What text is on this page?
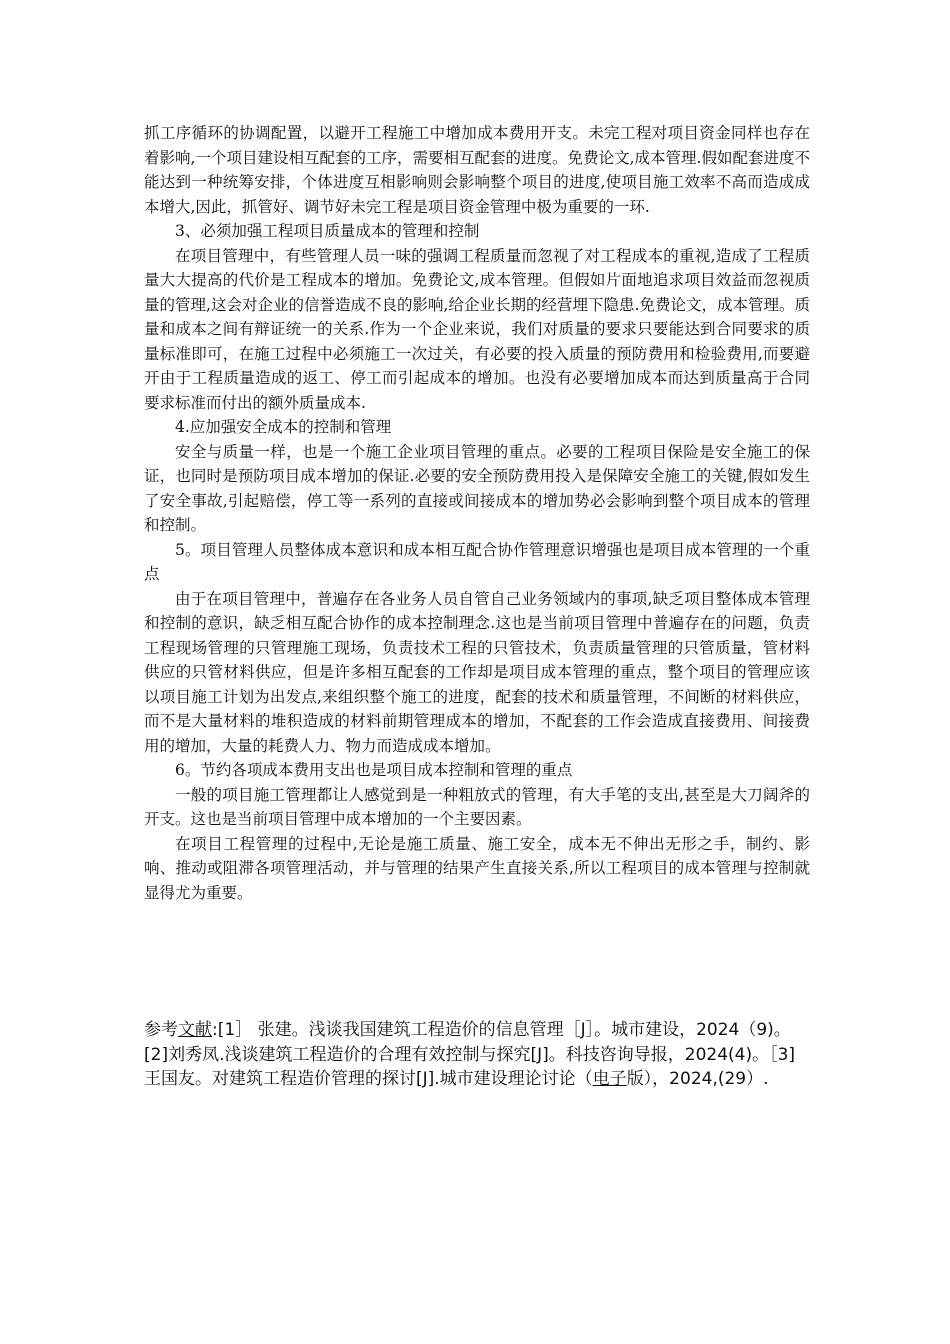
抓工序循环的协调配置，以避开工程施工中增加成本费用开支。未完工程对项目资金同样也存在着影响,一个项目建设相互配套的工序，需要相互配套的进度。免费论文,成本管理.假如配套进度不能达到一种统筹安排，个体进度互相影响则会影响整个项目的进度,使项目施工效率不高而造成成本增大,因此，抓管好、调节好未完工程是项目资金管理中极为重要的一环.

3、必须加强工程项目质量成本的管理和控制

在项目管理中，有些管理人员一味的强调工程质量而忽视了对工程成本的重视,造成了工程质量大大提高的代价是工程成本的增加。免费论文,成本管理。但假如片面地追求项目效益而忽视质量的管理,这会对企业的信誉造成不良的影响,给企业长期的经营埋下隐患.免费论文，成本管理。质量和成本之间有辩证统一的关系.作为一个企业来说，我们对质量的要求只要能达到合同要求的质量标准即可，在施工过程中必须施工一次过关，有必要的投入质量的预防费用和检验费用,而要避开由于工程质量造成的返工、停工而引起成本的增加。也没有必要增加成本而达到质量高于合同要求标准而付出的额外质量成本.

4.应加强安全成本的控制和管理

安全与质量一样，也是一个施工企业项目管理的重点。必要的工程项目保险是安全施工的保证，也同时是预防项目成本增加的保证.必要的安全预防费用投入是保障安全施工的关键,假如发生了安全事故,引起赔偿，停工等一系列的直接或间接成本的增加势必会影响到整个项目成本的管理和控制。

5。项目管理人员整体成本意识和成本相互配合协作管理意识增强也是项目成本管理的一个重点

由于在项目管理中，普遍存在各业务人员自管自己业务领域内的事项,缺乏项目整体成本管理和控制的意识，缺乏相互配合协作的成本控制理念.这也是当前项目管理中普遍存在的问题，负责工程现场管理的只管理施工现场，负责技术工程的只管技术，负责质量管理的只管质量，管材料供应的只管材料供应，但是许多相互配套的工作却是项目成本管理的重点，整个项目的管理应该以项目施工计划为出发点,来组织整个施工的进度，配套的技术和质量管理，不间断的材料供应，而不是大量材料的堆积造成的材料前期管理成本的增加，不配套的工作会造成直接费用、间接费用的增加，大量的耗费人力、物力而造成成本增加。

6。节约各项成本费用支出也是项目成本控制和管理的重点

一般的项目施工管理都让人感觉到是一种粗放式的管理，有大手笔的支出,甚至是大刀阔斧的开支。这也是当前项目管理中成本增加的一个主要因素。

在项目工程管理的过程中,无论是施工质量、施工安全，成本无不伸出无形之手，制约、影响、推动或阻滞各项管理活动，并与管理的结果产生直接关系,所以工程项目的成本管理与控制就显得尤为重要。

参考文献:[1］ 张建。浅谈我国建筑工程造价的信息管理［J］。城市建设，2024（9)。[2]刘秀凤.浅谈建筑工程造价的合理有效控制与探究[J]。科技咨询导报，2024(4)。［3]王国友。对建筑工程造价管理的探讨[J].城市建设理论讨论（电子版），2024,(29）.
